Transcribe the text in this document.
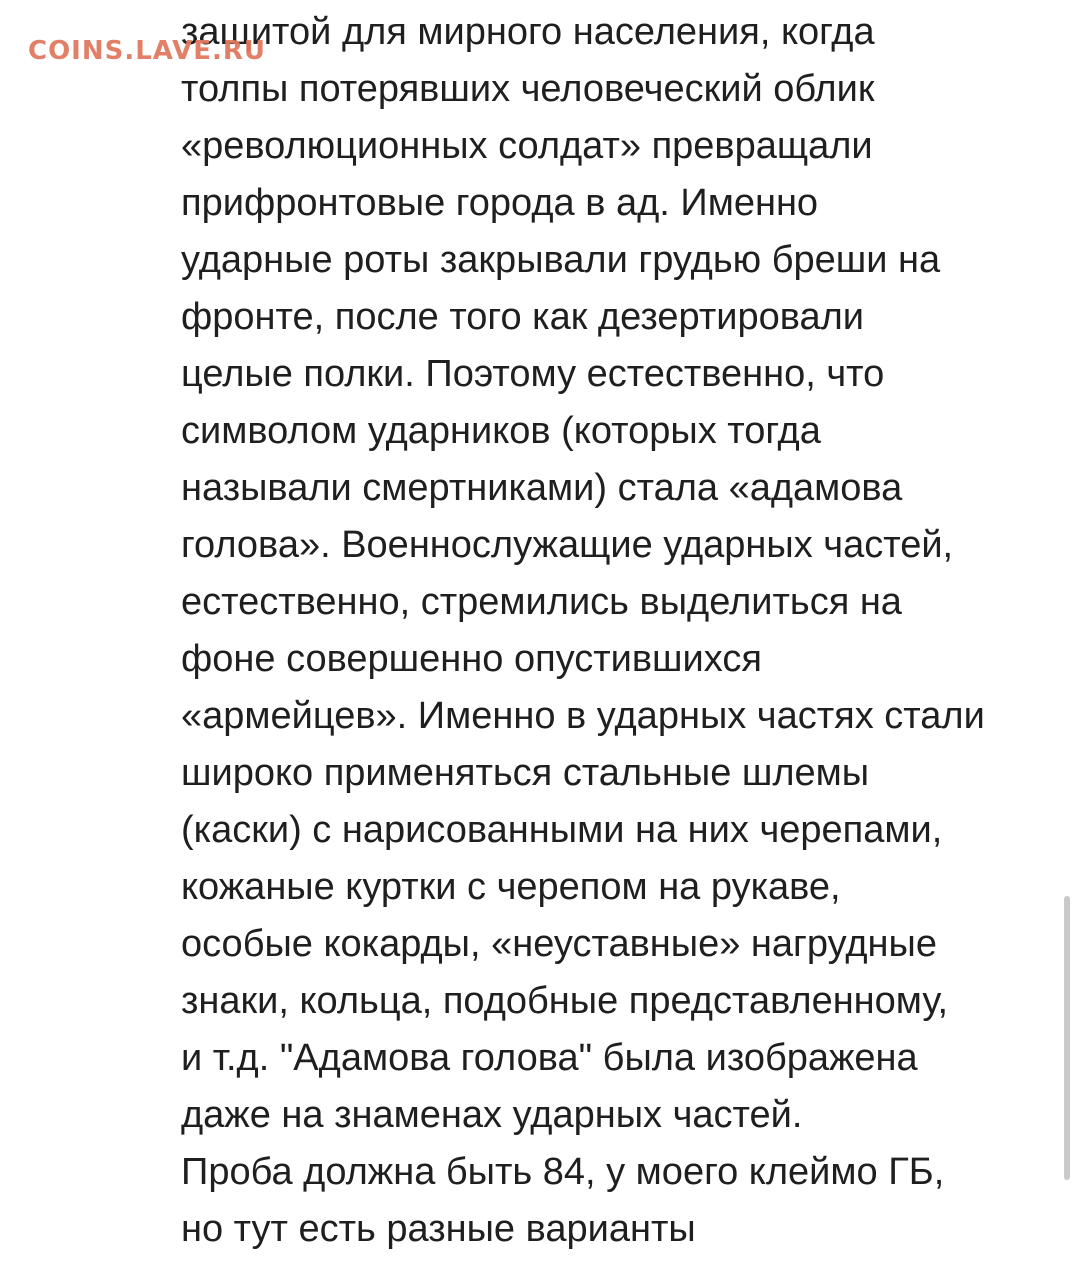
COINS.LAVE.RU
защитой для мирного населения, когда
толпы потерявших человеческий облик
«революционных солдат» превращали
прифронтовые города в ад. Именно
ударные роты закрывали грудью бреши на
фронте, после того как дезертировали
целые полки. Поэтому естественно, что
символом ударников (которых тогда
называли смертниками) стала «адамова
голова». Военнослужащие ударных частей,
естественно, стремились выделиться на
фоне совершенно опустившихся
«армейцев». Именно в ударных частях стали
широко применяться стальные шлемы
(каски) с нарисованными на них черепами,
кожаные куртки с черепом на рукаве,
особые кокарды, «неуставные» нагрудные
знаки, кольца, подобные представленному,
и т.д. "Адамова голова" была изображена
даже на знаменах ударных частей.
Проба должна быть 84, у моего клеймо ГБ,
но тут есть разные варианты
